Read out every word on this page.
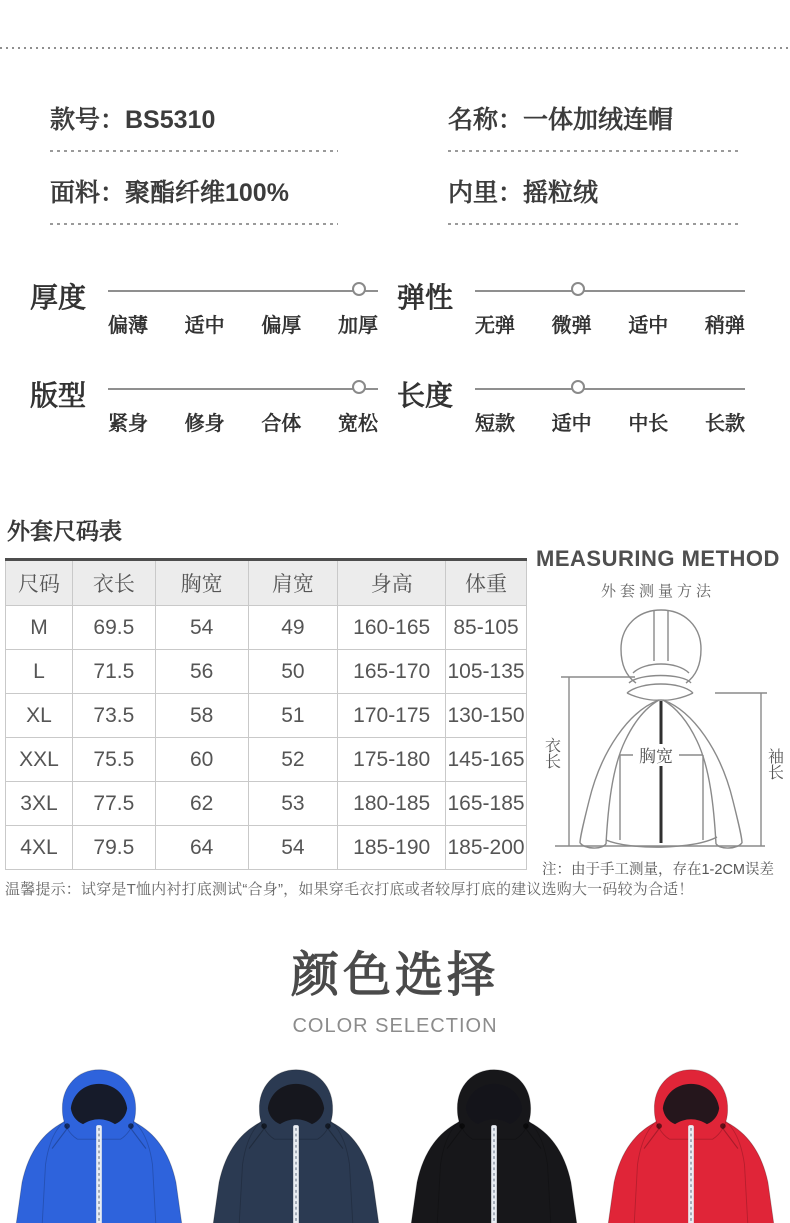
款号：BS5310	名称：一体加绒连帽
面料：聚酯纤维100%	内里：摇粒绒
厚度
偏薄 适中 偏厚 加厚
弹性
无弹 微弹 适中 稍弹
版型
紧身 修身 合体 宽松
长度
短款 适中 中长 长款
外套尺码表
尺码	衣长	胸宽	肩宽	身高	体重
M	69.5	54	49	160-165	85-105
L	71.5	56	50	165-170	105-135
XL	73.5	58	51	170-175	130-150
XXL	75.5	60	52	175-180	145-165
3XL	77.5	62	53	180-185	165-185
4XL	79.5	64	54	185-190	185-200

温馨提示：试穿是T恤内衬打底测试“合身”，如果穿毛衣打底或者较厚打底的建议选购大一码较为合适！

MEASURING METHOD
外套测量方法
胸宽
衣长	袖长
注：由于手工测量，存在1-2CM误差
颜色选择
COLOR SELECTION
